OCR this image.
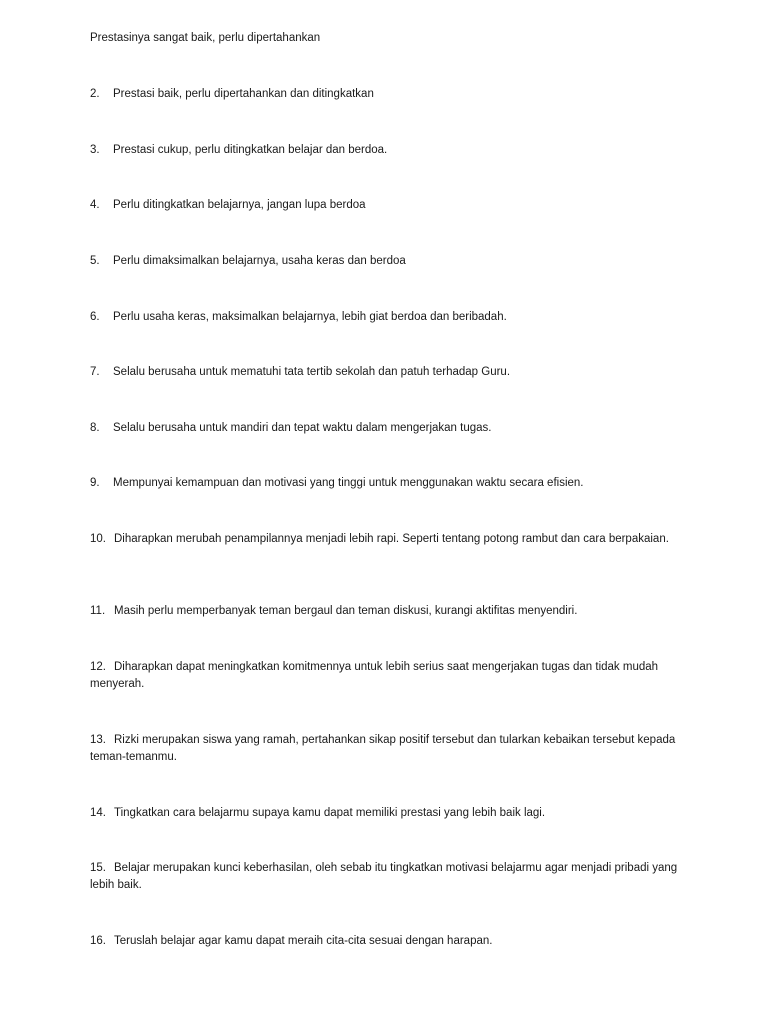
Prestasinya sangat baik, perlu dipertahankan
2. Prestasi baik, perlu dipertahankan dan ditingkatkan
3. Prestasi cukup, perlu ditingkatkan belajar dan berdoa.
4. Perlu ditingkatkan belajarnya, jangan lupa berdoa
5. Perlu dimaksimalkan belajarnya, usaha keras dan berdoa
6. Perlu usaha keras, maksimalkan belajarnya, lebih giat berdoa dan beribadah.
7. Selalu berusaha untuk mematuhi tata tertib sekolah dan patuh terhadap Guru.
8. Selalu berusaha untuk mandiri dan tepat waktu dalam mengerjakan tugas.
9. Mempunyai kemampuan dan motivasi yang tinggi untuk menggunakan waktu secara efisien.
10. Diharapkan merubah penampilannya menjadi lebih rapi. Seperti tentang potong rambut dan cara berpakaian.
11. Masih perlu memperbanyak teman bergaul dan teman diskusi, kurangi aktifitas menyendiri.
12. Diharapkan dapat meningkatkan komitmennya untuk lebih serius saat mengerjakan tugas dan tidak mudah menyerah.
13. Rizki merupakan siswa yang ramah, pertahankan sikap positif tersebut dan tularkan kebaikan tersebut kepada teman-temanmu.
14. Tingkatkan cara belajarmu supaya kamu dapat memiliki prestasi yang lebih baik lagi.
15. Belajar merupakan kunci keberhasilan, oleh sebab itu tingkatkan motivasi belajarmu agar menjadi pribadi yang lebih baik.
16. Teruslah belajar agar kamu dapat meraih cita-cita sesuai dengan harapan.
